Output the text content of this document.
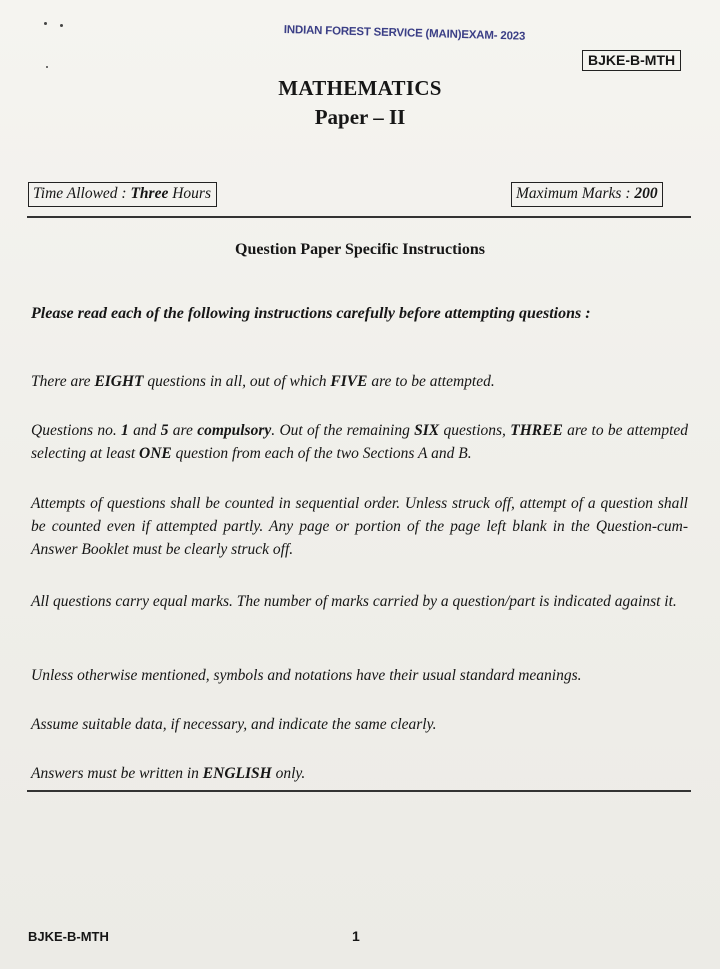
INDIAN FOREST SERVICE (MAIN)EXAM- 2023
BJKE-B-MTH
MATHEMATICS
Paper – II
Time Allowed : Three Hours	Maximum Marks : 200
Question Paper Specific Instructions
Please read each of the following instructions carefully before attempting questions :
There are EIGHT questions in all, out of which FIVE are to be attempted.
Questions no. 1 and 5 are compulsory. Out of the remaining SIX questions, THREE are to be attempted selecting at least ONE question from each of the two Sections A and B.
Attempts of questions shall be counted in sequential order. Unless struck off, attempt of a question shall be counted even if attempted partly. Any page or portion of the page left blank in the Question-cum-Answer Booklet must be clearly struck off.
All questions carry equal marks. The number of marks carried by a question/part is indicated against it.
Unless otherwise mentioned, symbols and notations have their usual standard meanings.
Assume suitable data, if necessary, and indicate the same clearly.
Answers must be written in ENGLISH only.
BJKE-B-MTH	1
